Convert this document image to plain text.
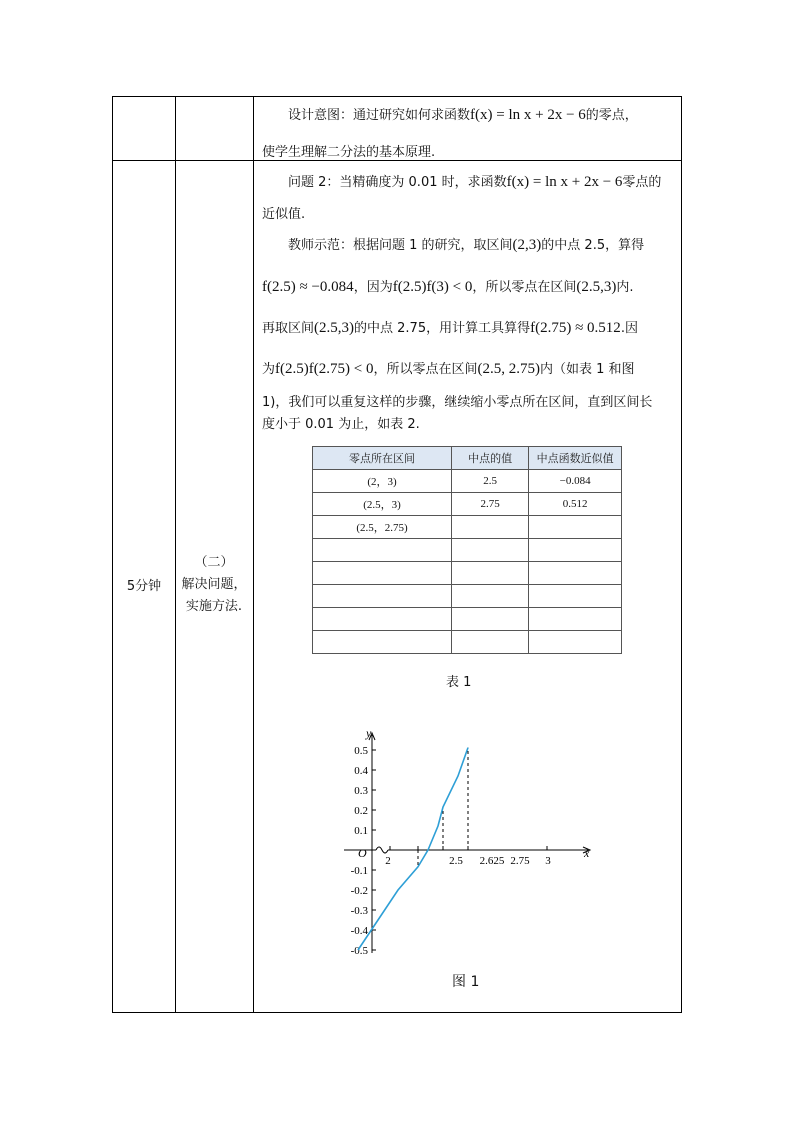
5分钟
（二）
解决问题，
实施方法.
设计意图：通过研究如何求函数f(x) = ln x + 2x − 6的零点，
使学生理解二分法的基本原理.
问题 2：当精确度为 0.01 时，求函数f(x) = ln x + 2x − 6零点的
近似值.
教师示范：根据问题 1 的研究，取区间(2,3)的中点 2.5，算得
f(2.5) ≈ −0.084，因为f(2.5)f(3) < 0，所以零点在区间(2.5,3)内.
再取区间(2.5,3)的中点 2.75，用计算工具算得f(2.75) ≈ 0.512.因
为f(2.5)f(2.75) < 0，所以零点在区间(2.5, 2.75)内（如表 1 和图
1)，我们可以重复这样的步骤，继续缩小零点所在区间，直到区间长
度小于 0.01 为止，如表 2.
零点所在区间	中点的值	中点函数近似值
(2，3)	2.5	−0.084
(2.5，3)	2.75	0.512
(2.5，2.75)		

表 1
0.5
0.4
0.3
0.2
0.1
-0.1
-0.2
-0.3
-0.4
-0.5
2	2.5 2.625 2.75 3
y
x
O
图 1
